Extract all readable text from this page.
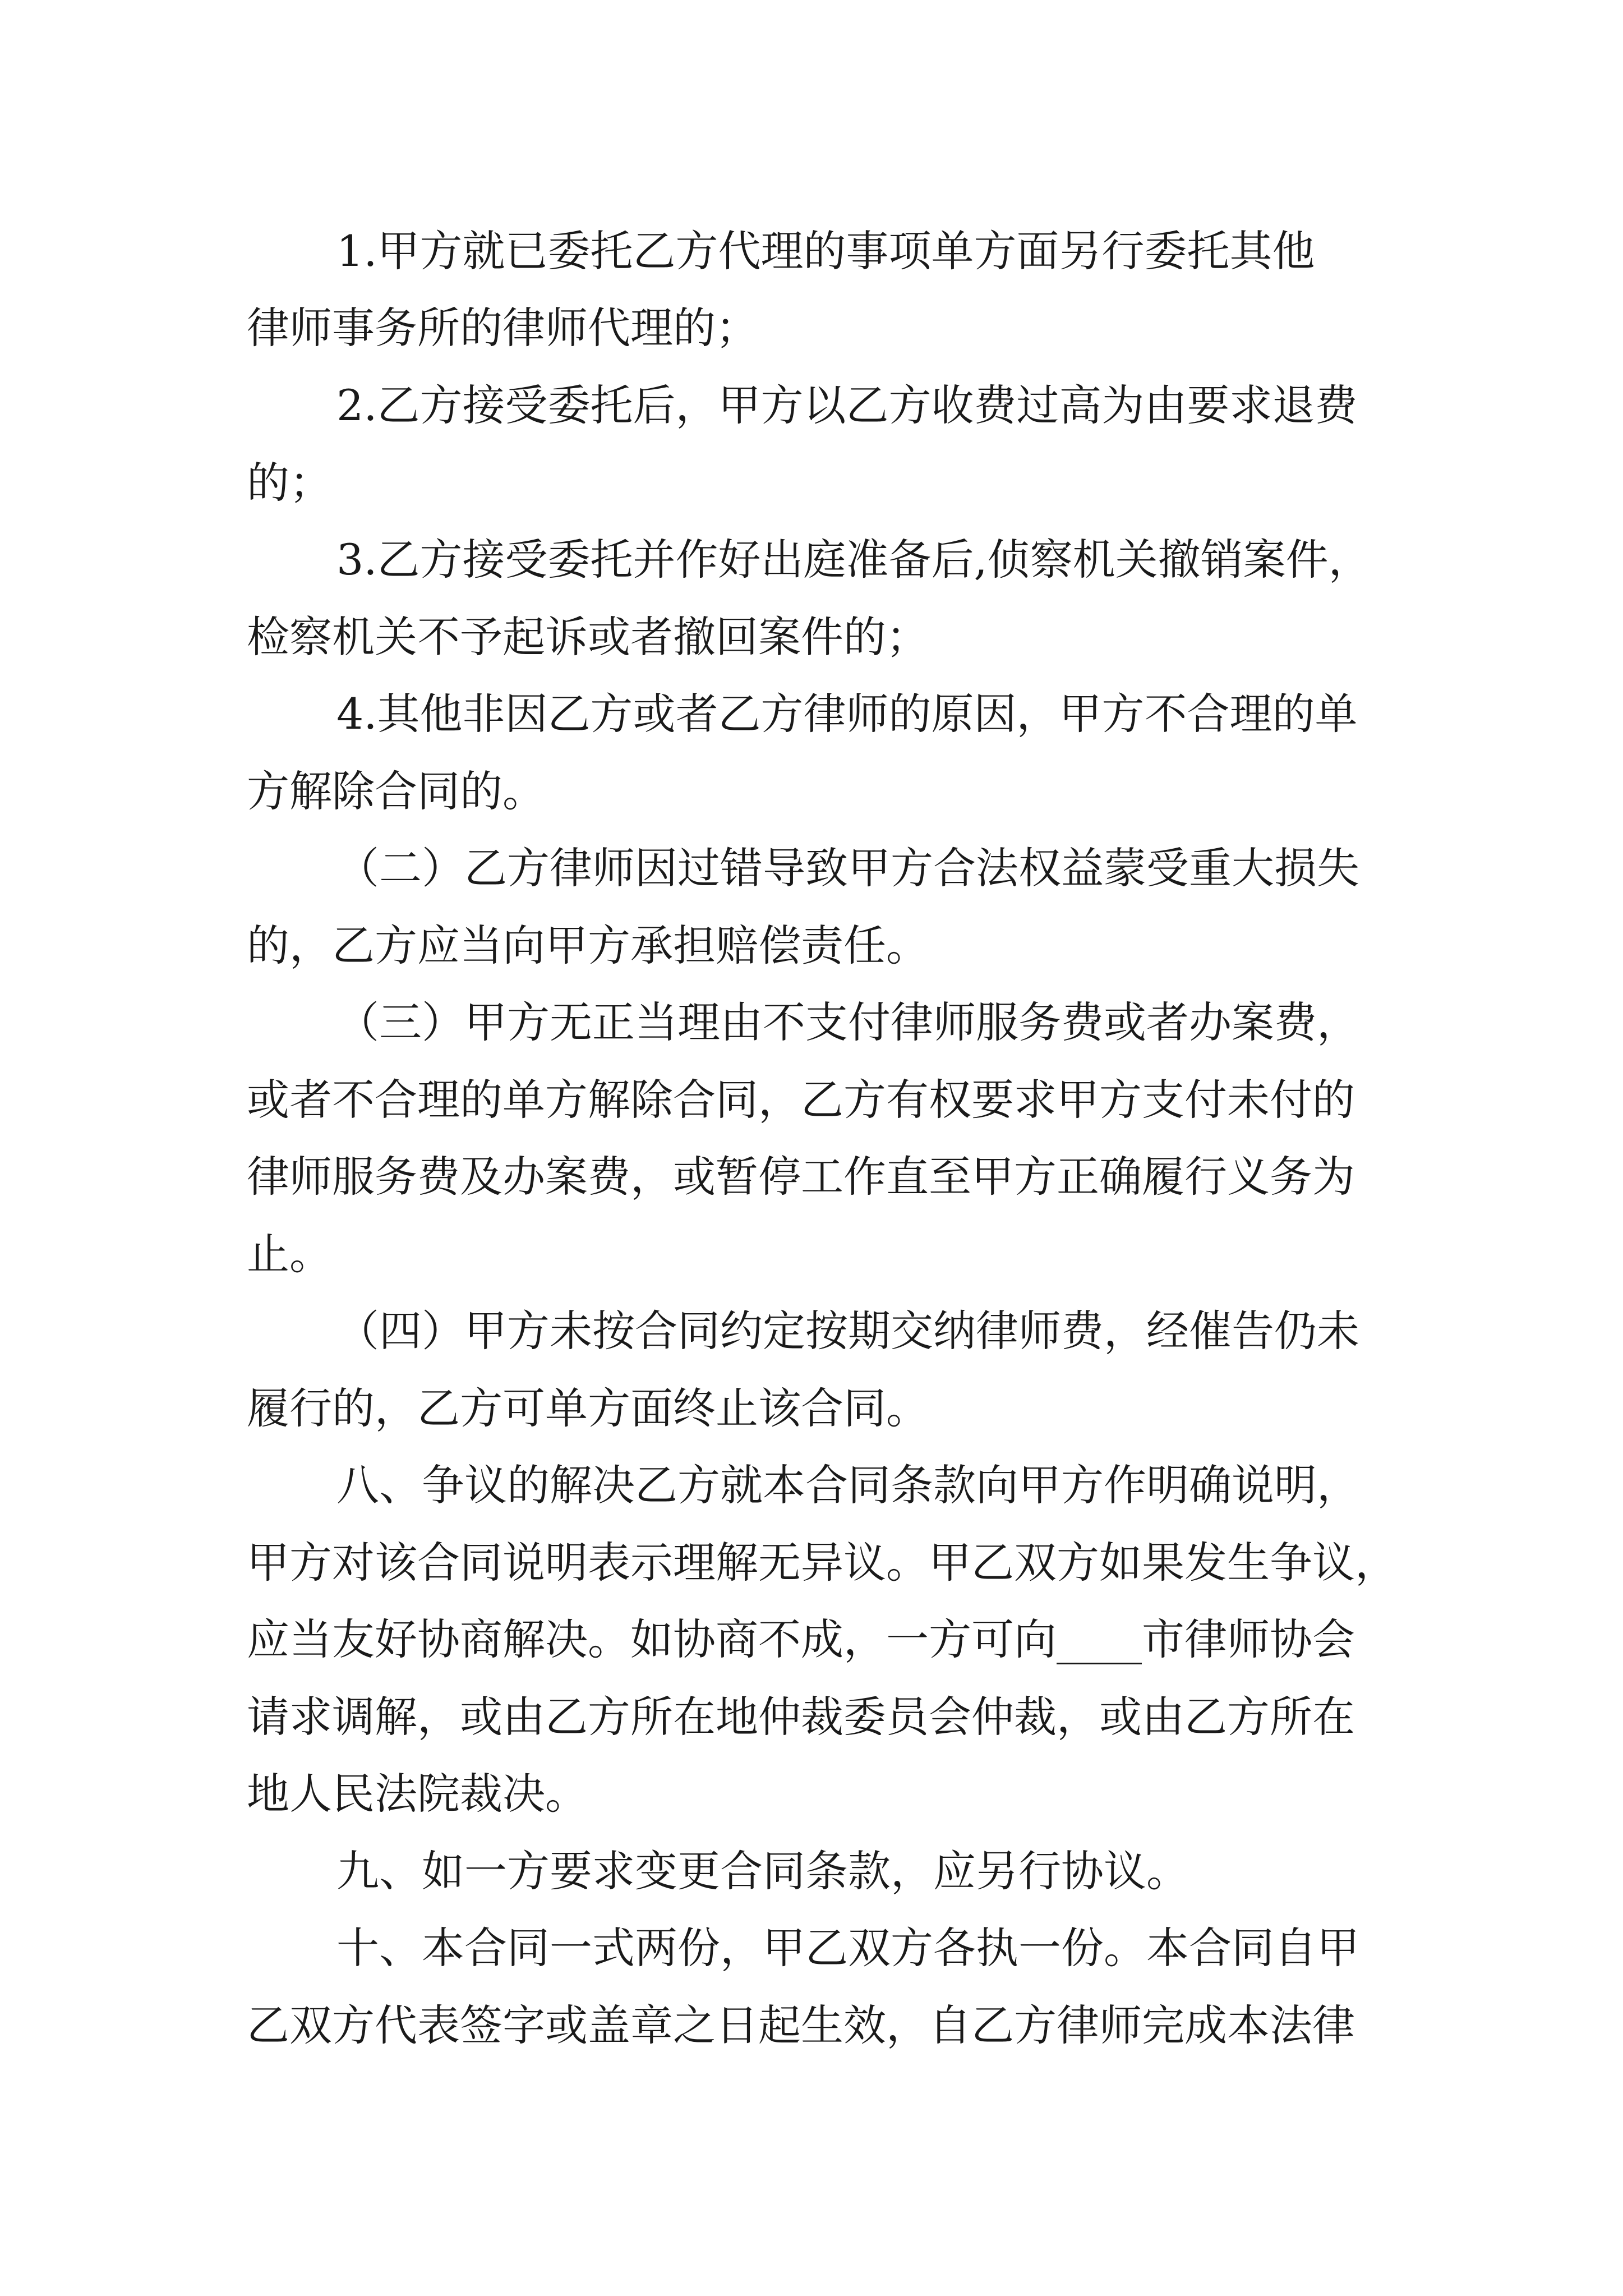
1.甲方就已委托乙方代理的事项单方面另行委托其他
律师事务所的律师代理的；
2.乙方接受委托后，甲方以乙方收费过高为由要求退费
的；
3.乙方接受委托并作好出庭准备后,侦察机关撤销案件，
检察机关不予起诉或者撤回案件的；
4.其他非因乙方或者乙方律师的原因，甲方不合理的单
方解除合同的。
（二）乙方律师因过错导致甲方合法权益蒙受重大损失
的，乙方应当向甲方承担赔偿责任。
（三）甲方无正当理由不支付律师服务费或者办案费，
或者不合理的单方解除合同，乙方有权要求甲方支付未付的
律师服务费及办案费，或暂停工作直至甲方正确履行义务为
止。
（四）甲方未按合同约定按期交纳律师费，经催告仍未
履行的，乙方可单方面终止该合同。
八、争议的解决乙方就本合同条款向甲方作明确说明，
甲方对该合同说明表示理解无异议。甲乙双方如果发生争议，
应当友好协商解决。如协商不成，一方可向____市律师协会
请求调解，或由乙方所在地仲裁委员会仲裁，或由乙方所在
地人民法院裁决。
九、如一方要求变更合同条款，应另行协议。
十、本合同一式两份，甲乙双方各执一份。本合同自甲
乙双方代表签字或盖章之日起生效，自乙方律师完成本法律
